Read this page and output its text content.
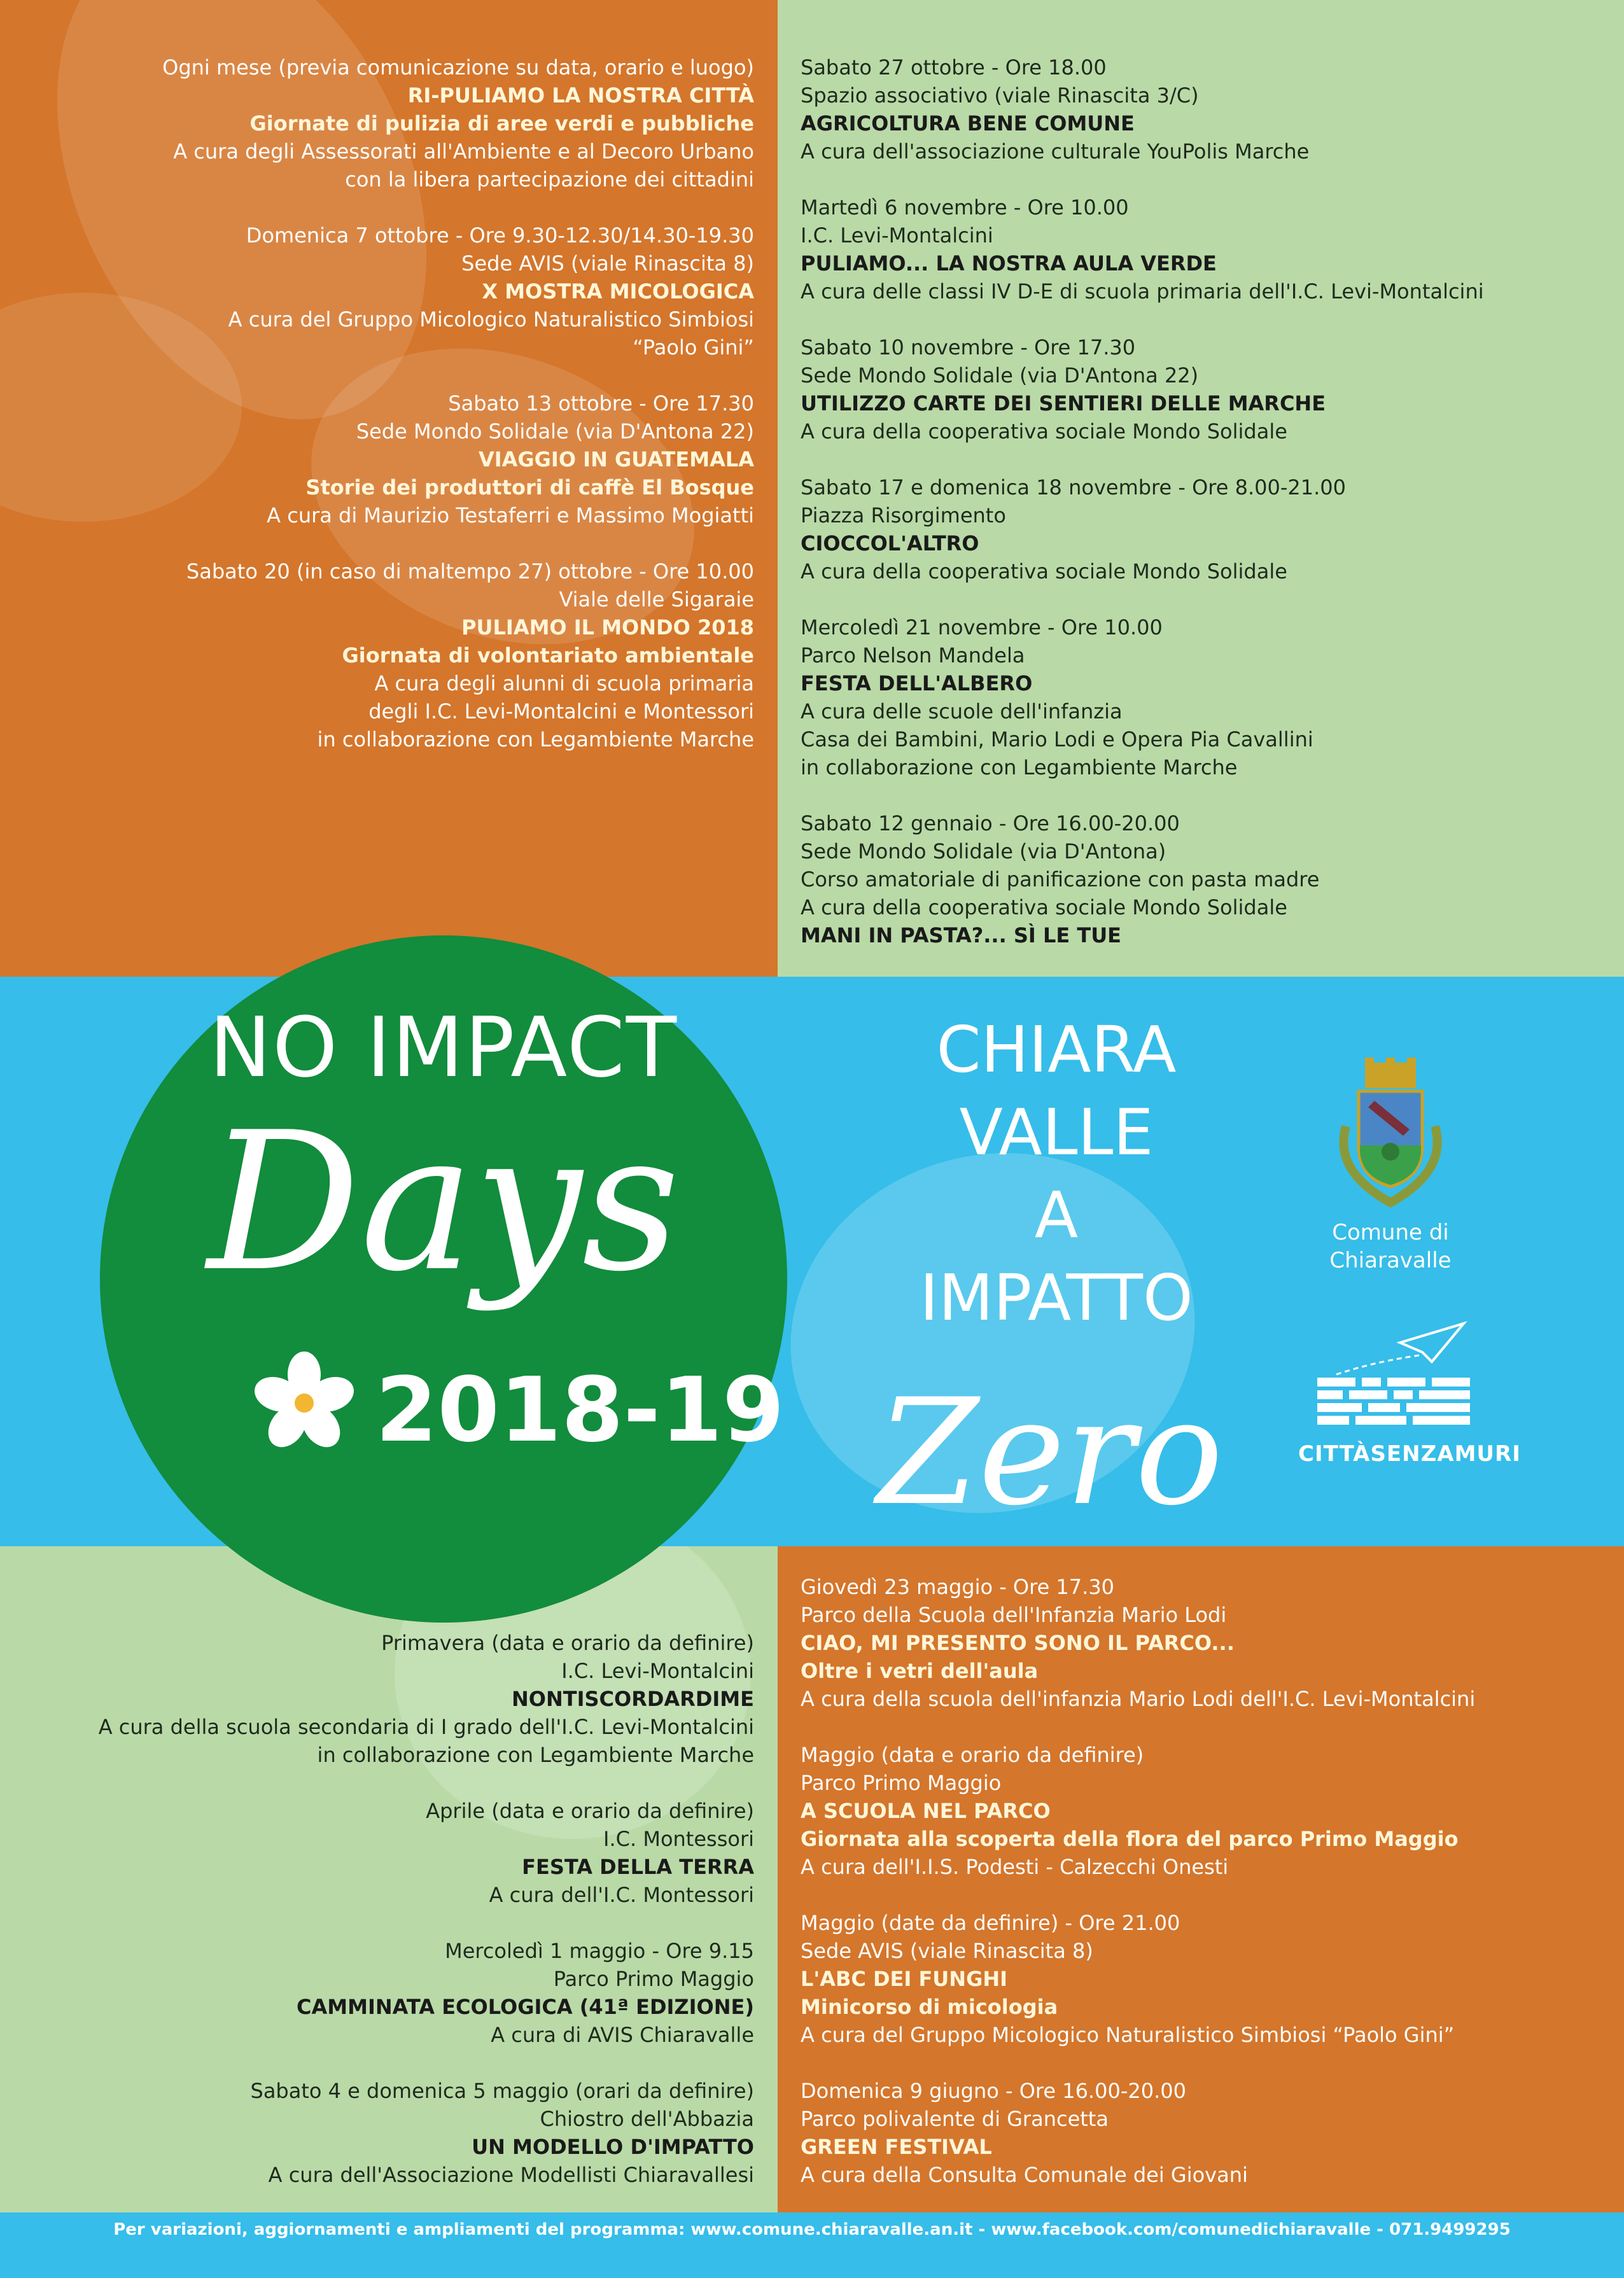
Ogni mese (previa comunicazione su data, orario e luogo)

RI-PULIAMO LA NOSTRA CITTÀ

Giornate di pulizia di aree verdi e pubbliche

A cura degli Assessorati all'Ambiente e al Decoro Urbano

con la libera partecipazione dei cittadini

Domenica 7 ottobre - Ore 9.30-12.30/14.30-19.30

Sede AVIS (viale Rinascita 8)

X MOSTRA MICOLOGICA

A cura del Gruppo Micologico Naturalistico Simbiosi

“Paolo Gini”

Sabato 13 ottobre - Ore 17.30

Sede Mondo Solidale (via D'Antona 22)

VIAGGIO IN GUATEMALA

Storie dei produttori di caffè El Bosque

A cura di Maurizio Testaferri e Massimo Mogiatti

Sabato 20 (in caso di maltempo 27) ottobre - Ore 10.00

Viale delle Sigaraie

PULIAMO IL MONDO 2018

Giornata di volontariato ambientale

A cura degli alunni di scuola primaria

degli I.C. Levi-Montalcini e Montessori

in collaborazione con Legambiente Marche

Sabato 27 ottobre - Ore 18.00

Spazio associativo (viale Rinascita 3/C)

AGRICOLTURA BENE COMUNE

A cura dell'associazione culturale YouPolis Marche

Martedì 6 novembre - Ore 10.00

I.C. Levi-Montalcini

PULIAMO... LA NOSTRA AULA VERDE

A cura delle classi IV D-E di scuola primaria dell'I.C. Levi-Montalcini

Sabato 10 novembre - Ore 17.30

Sede Mondo Solidale (via D'Antona 22)

UTILIZZO CARTE DEI SENTIERI DELLE MARCHE

A cura della cooperativa sociale Mondo Solidale

Sabato 17 e domenica 18 novembre - Ore 8.00-21.00

Piazza Risorgimento

CIOCCOL'ALTRO

A cura della cooperativa sociale Mondo Solidale

Mercoledì 21 novembre - Ore 10.00

Parco Nelson Mandela

FESTA DELL'ALBERO

A cura delle scuole dell'infanzia

Casa dei Bambini, Mario Lodi e Opera Pia Cavallini

in collaborazione con Legambiente Marche

Sabato 12 gennaio - Ore 16.00-20.00

Sede Mondo Solidale (via D'Antona)

Corso amatoriale di panificazione con pasta madre

A cura della cooperativa sociale Mondo Solidale

MANI IN PASTA?... SÌ LE TUE

Primavera (data e orario da definire)

I.C. Levi-Montalcini

NONTISCORDARDIME

A cura della scuola secondaria di I grado dell'I.C. Levi-Montalcini

in collaborazione con Legambiente Marche

Aprile (data e orario da definire)

I.C. Montessori

FESTA DELLA TERRA

A cura dell'I.C. Montessori

Mercoledì 1 maggio - Ore 9.15

Parco Primo Maggio

CAMMINATA ECOLOGICA (41ª EDIZIONE)

A cura di AVIS Chiaravalle

Sabato 4 e domenica 5 maggio (orari da definire)

Chiostro dell'Abbazia

UN MODELLO D'IMPATTO

A cura dell'Associazione Modellisti Chiaravallesi

Giovedì 23 maggio - Ore 17.30

Parco della Scuola dell'Infanzia Mario Lodi

CIAO, MI PRESENTO SONO IL PARCO...

Oltre i vetri dell'aula

A cura della scuola dell'infanzia Mario Lodi dell'I.C. Levi-Montalcini

Maggio (data e orario da definire)

Parco Primo Maggio

A SCUOLA NEL PARCO

Giornata alla scoperta della flora del parco Primo Maggio

A cura dell'I.I.S. Podesti - Calzecchi Onesti

Maggio (date da definire) - Ore 21.00

Sede AVIS (viale Rinascita 8)

L'ABC DEI FUNGHI

Minicorso di micologia

A cura del Gruppo Micologico Naturalistico Simbiosi “Paolo Gini”

Domenica 9 giugno - Ore 16.00-20.00

Parco polivalente di Grancetta

GREEN FESTIVAL

A cura della Consulta Comunale dei Giovani

NO IMPACT
Days
2018-19
CHIARA
VALLE
A
IMPATTO
Zero
Comune di
Chiaravalle
CITTÀSENZAMURI
Per variazioni, aggiornamenti e ampliamenti del programma: www.comune.chiaravalle.an.it - www.facebook.com/comunedichiaravalle - 071.9499295
